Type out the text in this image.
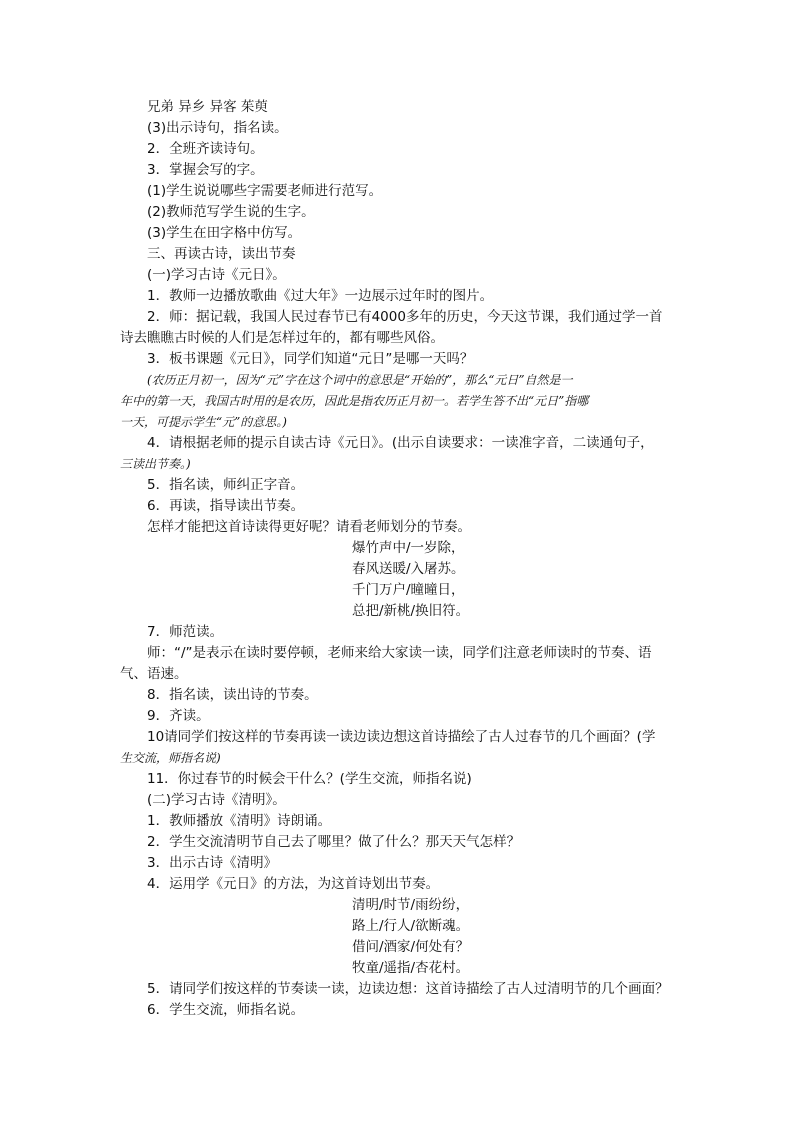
兄弟 异乡 异客 茱萸
(3)出示诗句，指名读。
2．全班齐读诗句。
3．掌握会写的字。
(1)学生说说哪些字需要老师进行范写。
(2)教师范写学生说的生字。
(3)学生在田字格中仿写。
三、再读古诗，读出节奏
(一)学习古诗《元日》。
1．教师一边播放歌曲《过大年》一边展示过年时的图片。
2．师：据记载，我国人民过春节已有4000多年的历史，今天这节课，我们通过学一首
诗去瞧瞧古时候的人们是怎样过年的，都有哪些风俗。
3．板书课题《元日》，同学们知道“元日”是哪一天吗？
(农历正月初一，因为“元”字在这个词中的意思是“开始的”，那么“元日”自然是一
年中的第一天，我国古时用的是农历，因此是指农历正月初一。若学生答不出“元日”指哪
一天，可提示学生“元”的意思。)
4．请根据老师的提示自读古诗《元日》。(出示自读要求：一读准字音，二读通句子，
三读出节奏。)
5．指名读，师纠正字音。
6．再读，指导读出节奏。
怎样才能把这首诗读得更好呢？请看老师划分的节奏。
爆竹声中/一岁除，
春风送暖/入屠苏。
千门万户/曈曈日，
总把/新桃/换旧符。
7．师范读。
师：“/”是表示在读时要停顿，老师来给大家读一读，同学们注意老师读时的节奏、语
气、语速。
8．指名读，读出诗的节奏。
9．齐读。
10请同学们按这样的节奏再读一读边读边想这首诗描绘了古人过春节的几个画面？(学
生交流，师指名说)
11．你过春节的时候会干什么？(学生交流，师指名说)
(二)学习古诗《清明》。
1．教师播放《清明》诗朗诵。
2．学生交流清明节自己去了哪里？做了什么？那天天气怎样？
3．出示古诗《清明》
4．运用学《元日》的方法，为这首诗划出节奏。
清明/时节/雨纷纷，
路上/行人/欲断魂。
借问/酒家/何处有？
牧童/遥指/杏花村。
5．请同学们按这样的节奏读一读，边读边想：这首诗描绘了古人过清明节的几个画面？
6．学生交流，师指名说。
